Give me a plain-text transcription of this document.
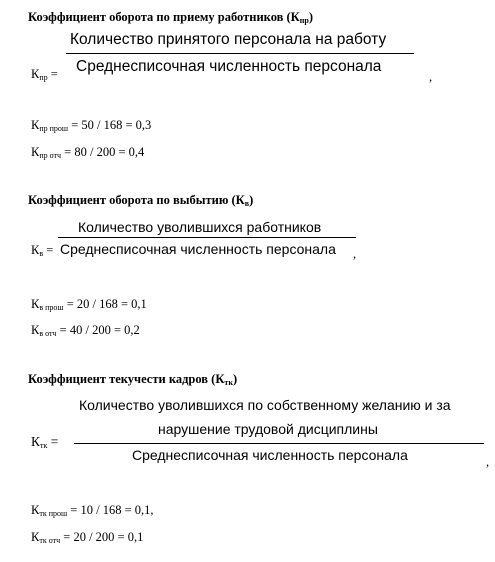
Коэффициент оборота по приему работников $(К_{пр})$
Количество принятого персонала на работу
Среднесписочная численность персонала
$К_{пр}$ =	,
$К_{пр прош} = 50 / 168 = 0,3$
$К_{пр отч} = 80 / 200 = 0,4$
Коэффициент оборота по выбытию $(К_в)$
Количество уволившихся работников
$К_в$ = Среднесписочная численность персонала ,
$К_{в прош} = 20 / 168 = 0,1$
$К_{в отч} = 40 / 200 = 0,2$
Коэффициент текучести кадров $(К_{тк})$
Количество уволившихся по собственному желанию и за
нарушение трудовой дисциплины
$К_{тк}$ =
Среднесписочная численность персонала	,
$К_{тк прош} = 10 / 168 = 0,1$,
$К_{тк отч} = 20 / 200 = 0,1$
